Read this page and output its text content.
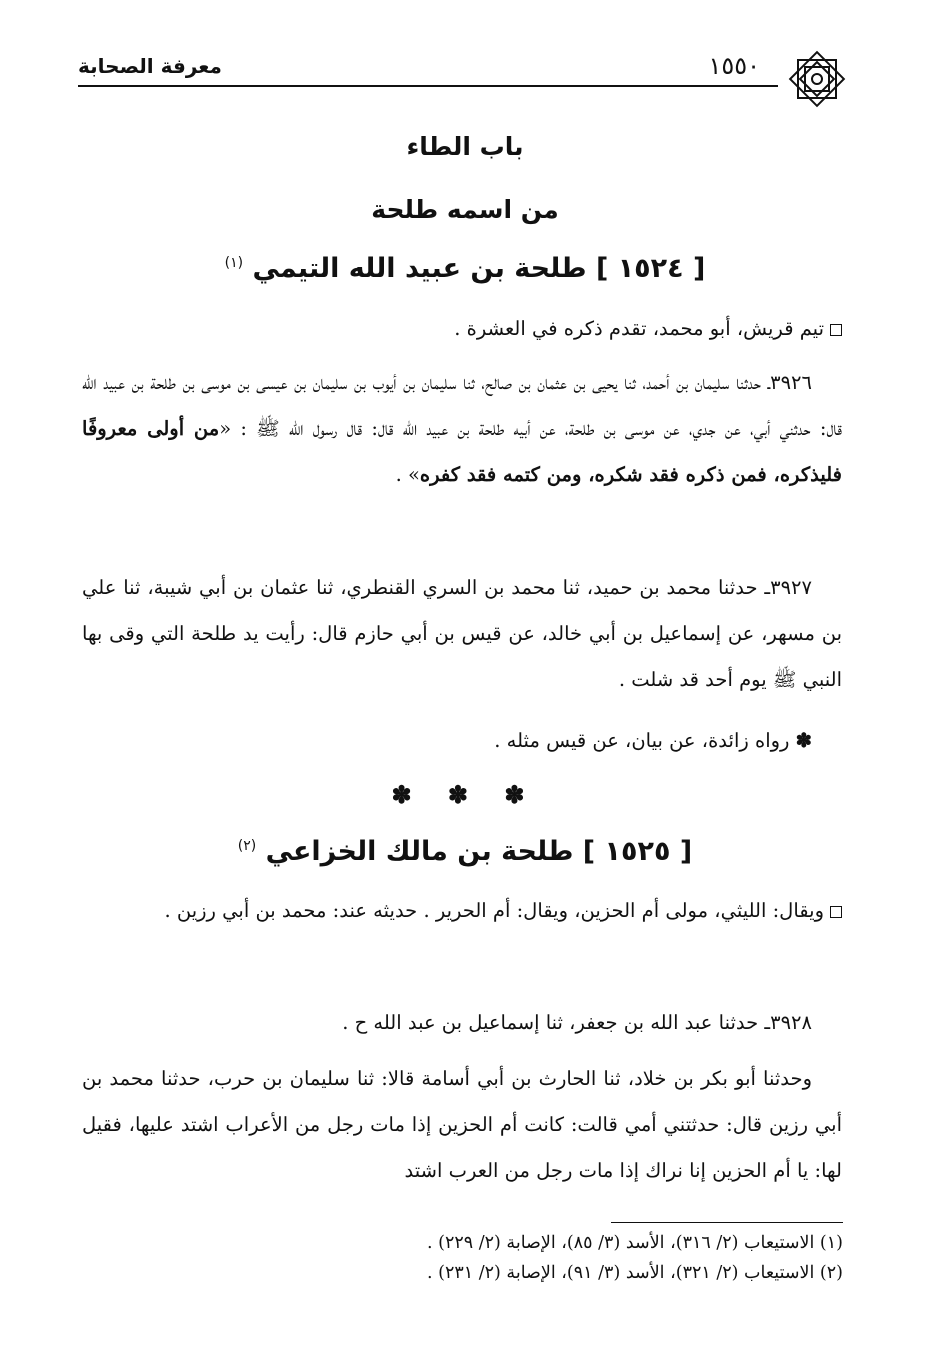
معرفة الصحابة	١٥٥٠
باب الطاء
من اسمه طلحة
[ ١٥٢٤ ] طلحة بن عبيد الله التيمي $^{(١)}$
تيم قريش، أبو محمد، تقدم ذكره في العشرة .
٣٩٢٦ـ حدثنا سليمان بن أحمد، ثنا يحيى بن عثمان بن صالح، ثنا سليمان بن أيوب بن سليمان بن عيسى بن موسى بن طلحة بن عبيد الله قال: حدثني أبي، عن جدي، عن موسى بن طلحة، عن أبيه طلحة بن عبيد الله قال: قال رسول الله ﷺ : «من أولى معروفًا فليذكره، فمن ذكره فقد شكره، ومن كتمه فقد كفره» .
٣٩٢٧ـ حدثنا محمد بن حميد، ثنا محمد بن السري القنطري، ثنا عثمان بن أبي شيبة، ثنا علي بن مسهر، عن إسماعيل بن أبي خالد، عن قيس بن أبي حازم قال: رأيت يد طلحة التي وقى بها النبي ﷺ يوم أحد قد شلت .
✽ رواه زائدة، عن بيان، عن قيس مثله .
✽ ✽ ✽
[ ١٥٢٥ ] طلحة بن مالك الخزاعي $^{(٢)}$
ويقال: الليثي، مولى أم الحزين، ويقال: أم الحرير . حديثه عند: محمد بن أبي رزين .
٣٩٢٨ـ حدثنا عبد الله بن جعفر، ثنا إسماعيل بن عبد الله ح .
وحدثنا أبو بكر بن خلاد، ثنا الحارث بن أبي أسامة قالا: ثنا سليمان بن حرب، حدثنا محمد بن أبي رزين قال: حدثتني أمي قالت: كانت أم الحزين إذا مات رجل من الأعراب اشتد عليها، فقيل لها: يا أم الحزين إنا نراك إذا مات رجل من العرب اشتد
(١) الاستيعاب (٢/ ٣١٦)، الأسد (٣/ ٨٥)، الإصابة (٢/ ٢٢٩) .
(٢) الاستيعاب (٢/ ٣٢١)، الأسد (٣/ ٩١)، الإصابة (٢/ ٢٣١) .
